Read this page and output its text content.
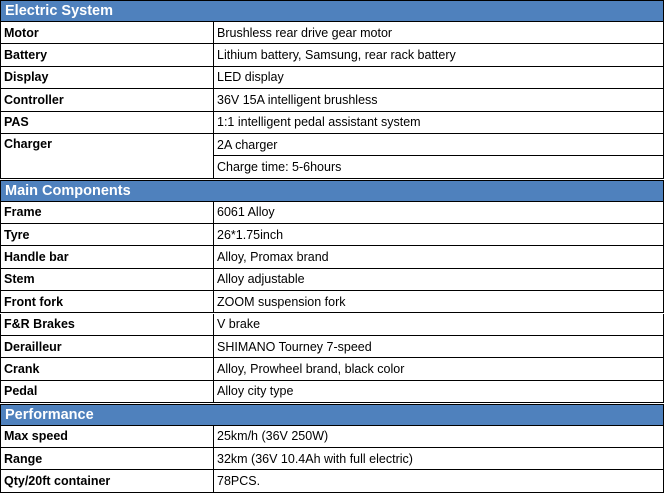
Electric System
Motor	Brushless rear drive gear motor
Battery	Lithium battery, Samsung, rear rack battery
Display	LED display
Controller	36V 15A intelligent brushless
PAS	1:1 intelligent pedal assistant system
Charger	2A charger
Charge time: 5-6hours
Main Components
Frame	6061 Alloy
Tyre	26*1.75inch
Handle bar	Alloy, Promax brand
Stem	Alloy adjustable
Front fork	ZOOM suspension fork
F&R Brakes	V brake
Derailleur	SHIMANO Tourney 7-speed
Crank	Alloy, Prowheel brand, black color
Pedal	Alloy city type
Performance
Max speed	25km/h (36V 250W)
Range	32km (36V 10.4Ah with full electric)
Qty/20ft container	78PCS.
